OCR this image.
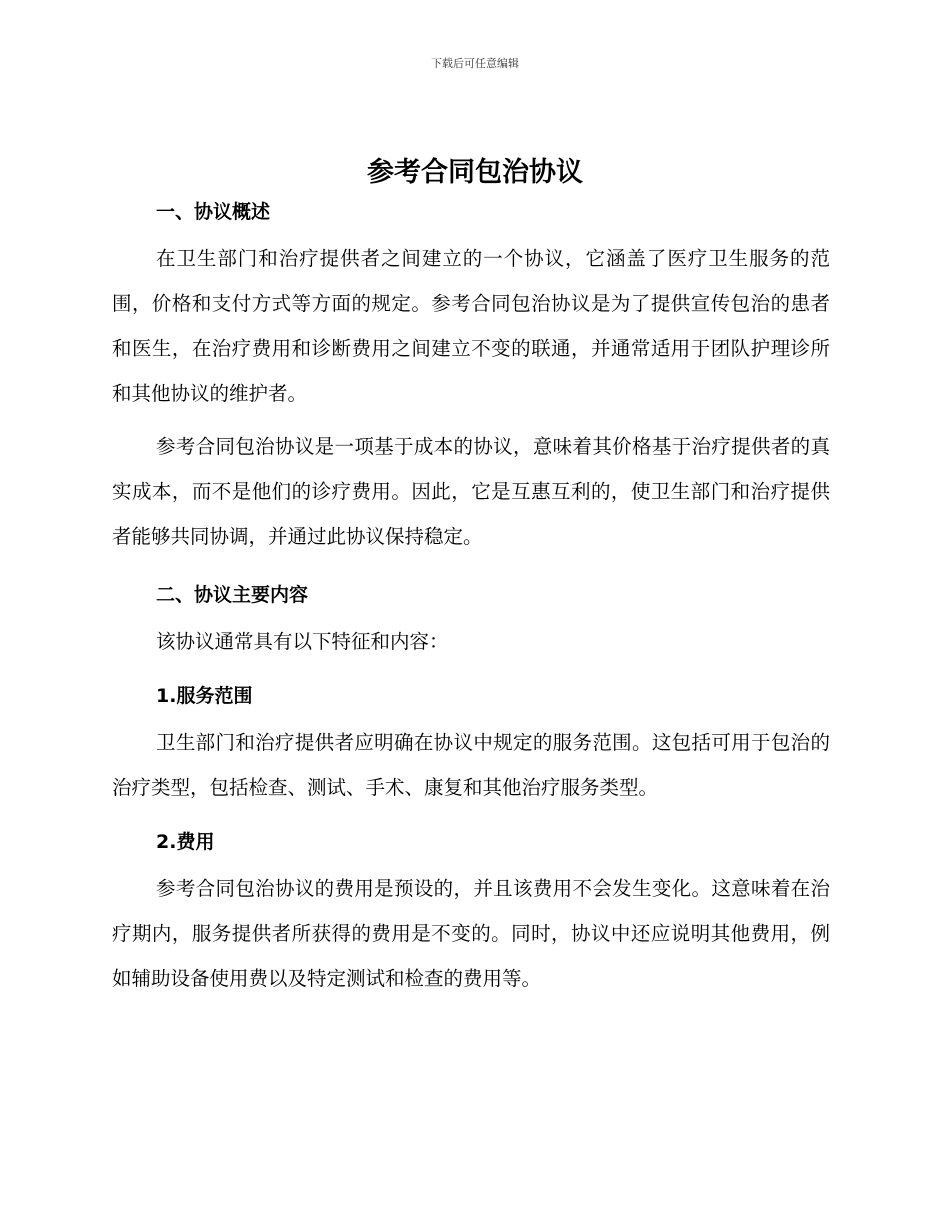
下载后可任意编辑
参考合同包治协议
一、协议概述

在卫生部门和治疗提供者之间建立的一个协议，它涵盖了医疗卫生服务的范围，价格和支付方式等方面的规定。参考合同包治协议是为了提供宣传包治的患者和医生，在治疗费用和诊断费用之间建立不变的联通，并通常适用于团队护理诊所和其他协议的维护者。

参考合同包治协议是一项基于成本的协议，意味着其价格基于治疗提供者的真实成本，而不是他们的诊疗费用。因此，它是互惠互利的，使卫生部门和治疗提供者能够共同协调，并通过此协议保持稳定。

二、协议主要内容

该协议通常具有以下特征和内容：

1.服务范围

卫生部门和治疗提供者应明确在协议中规定的服务范围。这包括可用于包治的治疗类型，包括检查、测试、手术、康复和其他治疗服务类型。

2.费用

参考合同包治协议的费用是预设的，并且该费用不会发生变化。这意味着在治疗期内，服务提供者所获得的费用是不变的。同时，协议中还应说明其他费用，例如辅助设备使用费以及特定测试和检查的费用等。
